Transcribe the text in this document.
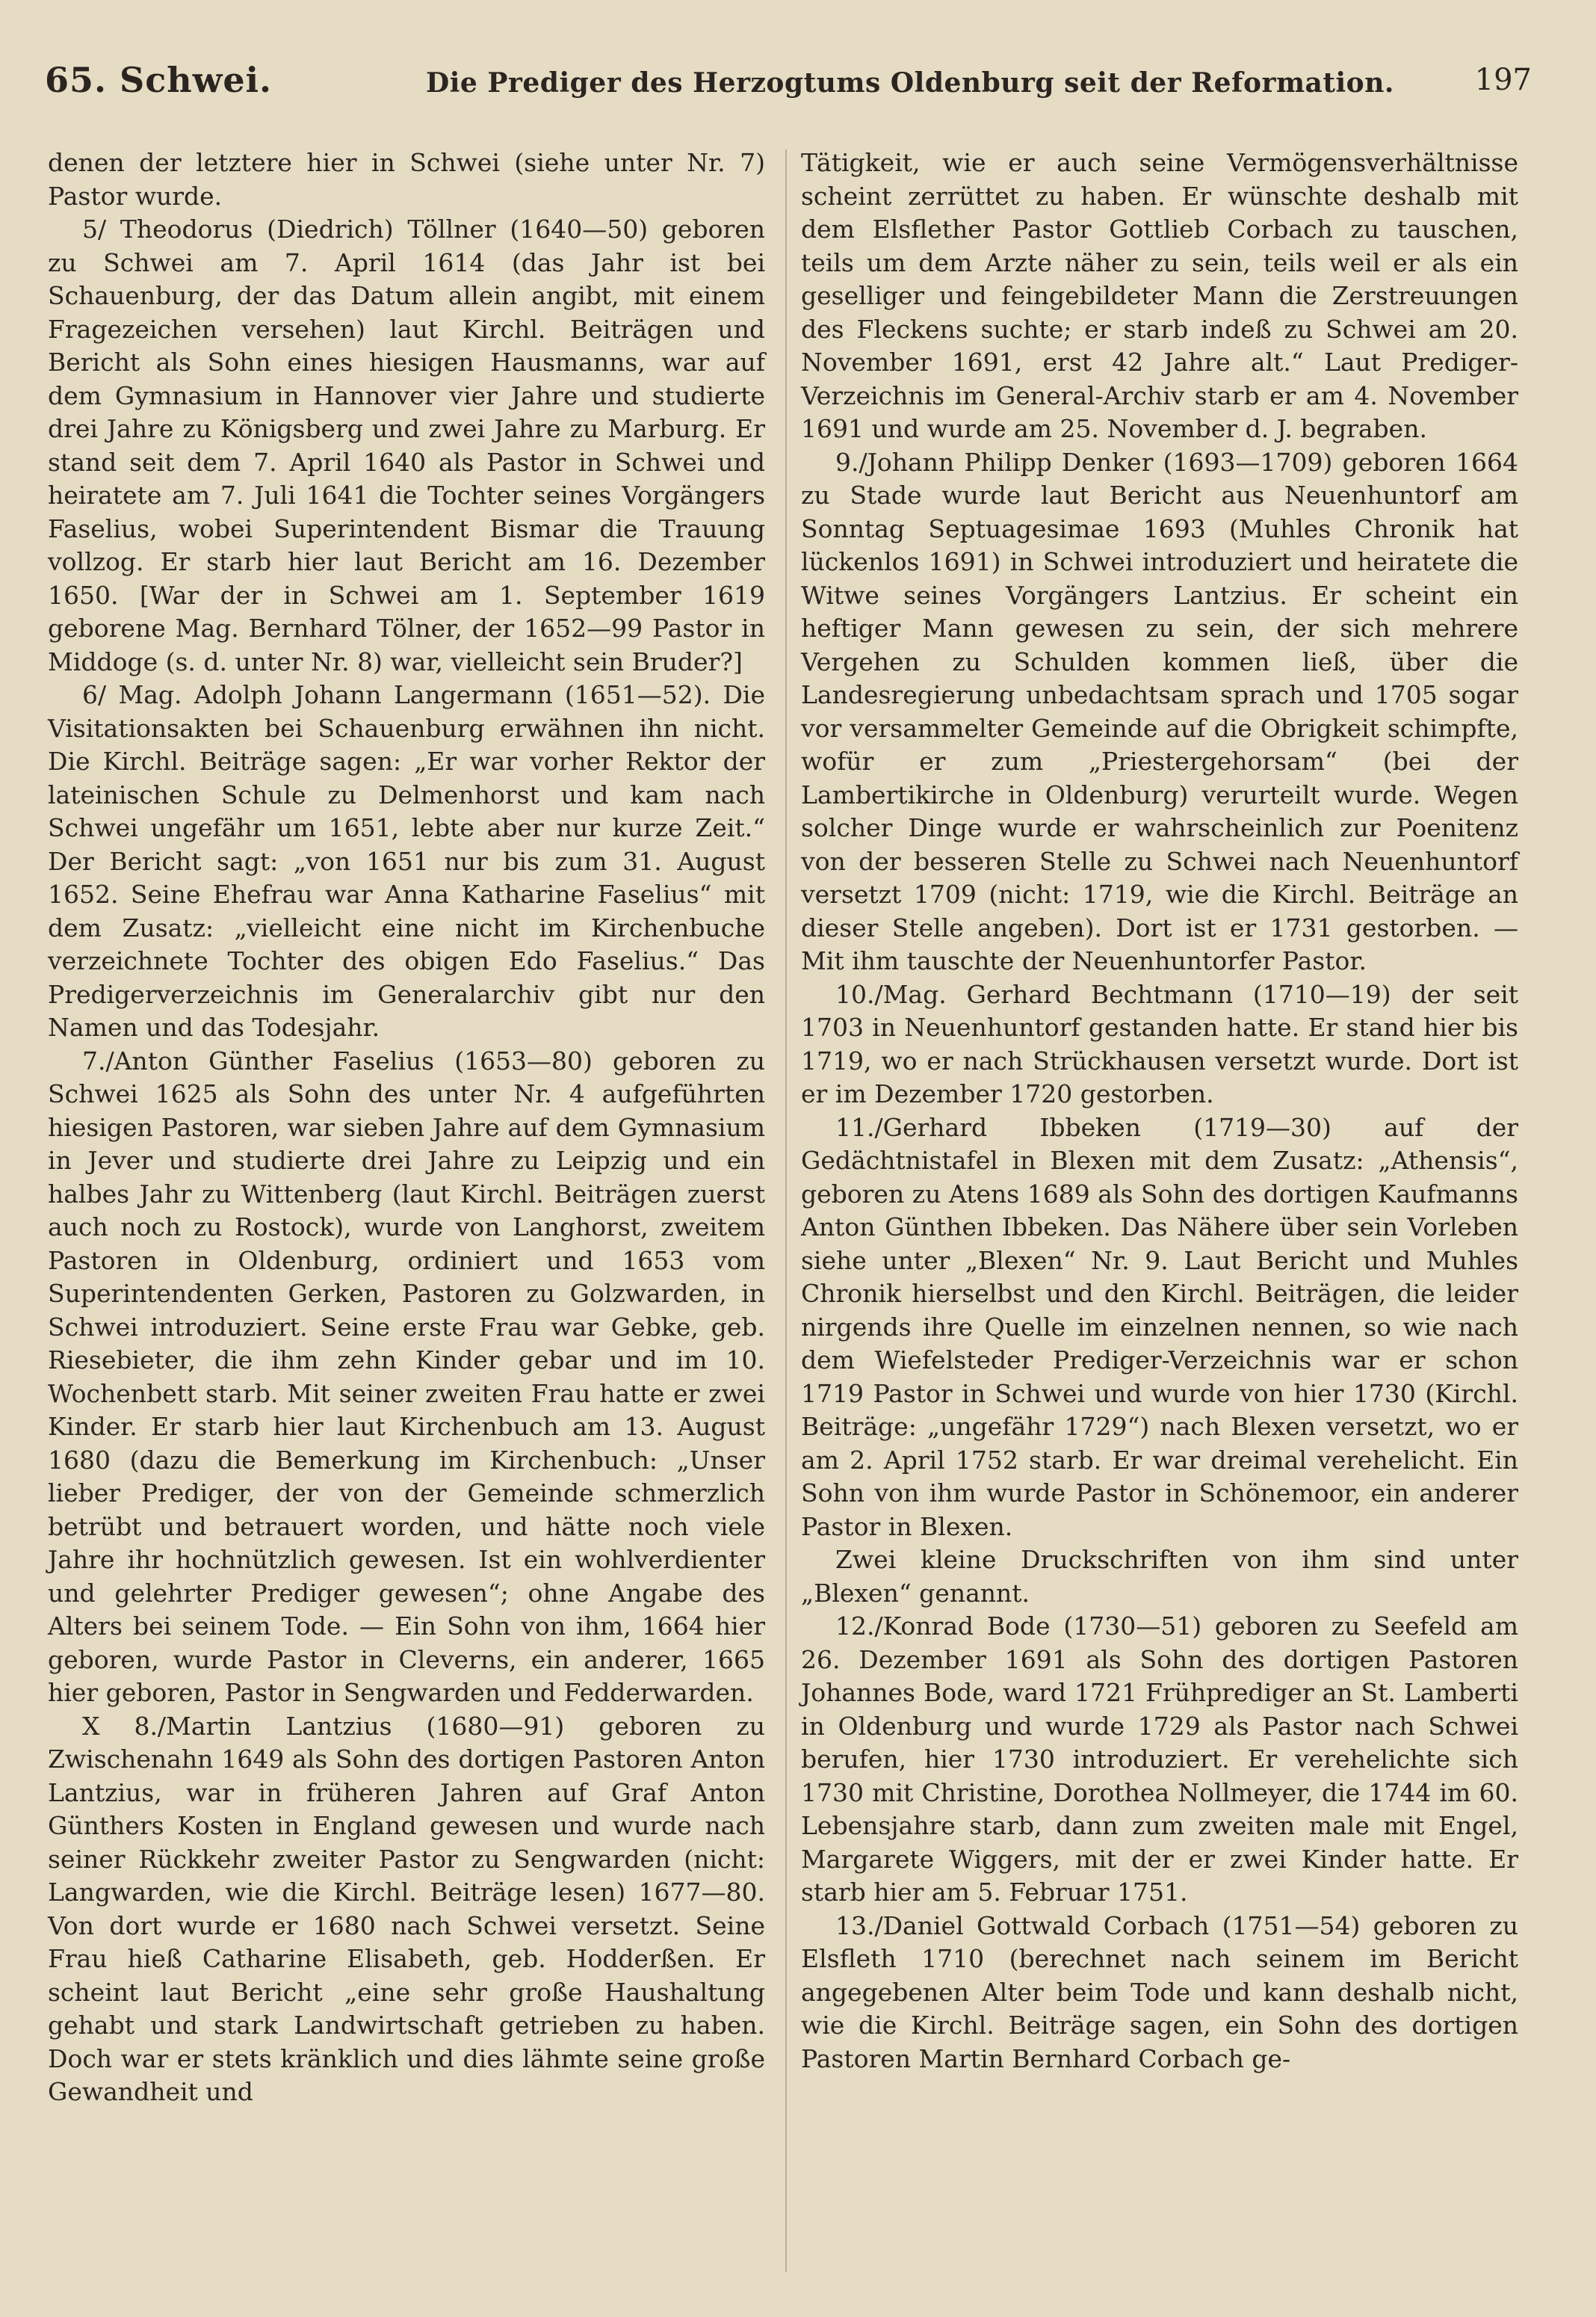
65. Schwei.	Die Prediger des Herzogtums Oldenburg seit der Reformation.	197

denen der letztere hier in Schwei (siehe unter Nr. 7) Pastor wurde.

5/ Theodorus (Diedrich) Töllner (1640—50) geboren zu Schwei am 7. April 1614 (das Jahr ist bei Schauenburg, der das Datum allein angibt, mit einem Fragezeichen versehen) laut Kirchl. Beiträgen und Bericht als Sohn eines hiesigen Hausmanns, war auf dem Gymnasium in Hannover vier Jahre und studierte drei Jahre zu Königsberg und zwei Jahre zu Marburg. Er stand seit dem 7. April 1640 als Pastor in Schwei und heiratete am 7. Juli 1641 die Tochter seines Vorgängers Faselius, wobei Superintendent Bismar die Trauung vollzog. Er starb hier laut Bericht am 16. Dezember 1650. [War der in Schwei am 1. September 1619 geborene Mag. Bernhard Tölner, der 1652—99 Pastor in Middoge (s. d. unter Nr. 8) war, vielleicht sein Bruder?]

6/ Mag. Adolph Johann Langermann (1651—52). Die Visitationsakten bei Schauenburg erwähnen ihn nicht. Die Kirchl. Beiträge sagen: „Er war vorher Rektor der lateinischen Schule zu Delmenhorst und kam nach Schwei ungefähr um 1651, lebte aber nur kurze Zeit.“ Der Bericht sagt: „von 1651 nur bis zum 31. August 1652. Seine Ehefrau war Anna Katharine Faselius“ mit dem Zusatz: „vielleicht eine nicht im Kirchenbuche verzeichnete Tochter des obigen Edo Faselius.“ Das Predigerverzeichnis im Generalarchiv gibt nur den Namen und das Todesjahr.

7./Anton Günther Faselius (1653—80) geboren zu Schwei 1625 als Sohn des unter Nr. 4 aufgeführten hiesigen Pastoren, war sieben Jahre auf dem Gymnasium in Jever und studierte drei Jahre zu Leipzig und ein halbes Jahr zu Wittenberg (laut Kirchl. Beiträgen zuerst auch noch zu Rostock), wurde von Langhorst, zweitem Pastoren in Oldenburg, ordiniert und 1653 vom Superintendenten Gerken, Pastoren zu Golzwarden, in Schwei introduziert. Seine erste Frau war Gebke, geb. Riesebieter, die ihm zehn Kinder gebar und im 10. Wochenbett starb. Mit seiner zweiten Frau hatte er zwei Kinder. Er starb hier laut Kirchenbuch am 13. August 1680 (dazu die Bemerkung im Kirchenbuch: „Unser lieber Prediger, der von der Gemeinde schmerzlich betrübt und betrauert worden, und hätte noch viele Jahre ihr hochnützlich gewesen. Ist ein wohlverdienter und gelehrter Prediger gewesen“; ohne Angabe des Alters bei seinem Tode. — Ein Sohn von ihm, 1664 hier geboren, wurde Pastor in Cleverns, ein anderer, 1665 hier geboren, Pastor in Sengwarden und Fedderwarden.

X 8./Martin Lantzius (1680—91) geboren zu Zwischenahn 1649 als Sohn des dortigen Pastoren Anton Lantzius, war in früheren Jahren auf Graf Anton Günthers Kosten in England gewesen und wurde nach seiner Rückkehr zweiter Pastor zu Sengwarden (nicht: Langwarden, wie die Kirchl. Beiträge lesen) 1677—80. Von dort wurde er 1680 nach Schwei versetzt. Seine Frau hieß Catharine Elisabeth, geb. Hodderßen. Er scheint laut Bericht „eine sehr große Haushaltung gehabt und stark Landwirtschaft getrieben zu haben. Doch war er stets kränklich und dies lähmte seine große Gewandheit und

Tätigkeit, wie er auch seine Vermögensverhältnisse scheint zerrüttet zu haben. Er wünschte deshalb mit dem Elsflether Pastor Gottlieb Corbach zu tauschen, teils um dem Arzte näher zu sein, teils weil er als ein geselliger und feingebildeter Mann die Zerstreuungen des Fleckens suchte; er starb indeß zu Schwei am 20. November 1691, erst 42 Jahre alt.“ Laut Prediger-Verzeichnis im General-Archiv starb er am 4. November 1691 und wurde am 25. November d. J. begraben.

9./Johann Philipp Denker (1693—1709) geboren 1664 zu Stade wurde laut Bericht aus Neuenhuntorf am Sonntag Septuagesimae 1693 (Muhles Chronik hat lückenlos 1691) in Schwei introduziert und heiratete die Witwe seines Vorgängers Lantzius. Er scheint ein heftiger Mann gewesen zu sein, der sich mehrere Vergehen zu Schulden kommen ließ, über die Landesregierung unbedachtsam sprach und 1705 sogar vor versammelter Gemeinde auf die Obrigkeit schimpfte, wofür er zum „Priestergehorsam“ (bei der Lambertikirche in Oldenburg) verurteilt wurde. Wegen solcher Dinge wurde er wahrscheinlich zur Poenitenz von der besseren Stelle zu Schwei nach Neuenhuntorf versetzt 1709 (nicht: 1719, wie die Kirchl. Beiträge an dieser Stelle angeben). Dort ist er 1731 gestorben. — Mit ihm tauschte der Neuenhuntorfer Pastor.

10./Mag. Gerhard Bechtmann (1710—19) der seit 1703 in Neuenhuntorf gestanden hatte. Er stand hier bis 1719, wo er nach Strückhausen versetzt wurde. Dort ist er im Dezember 1720 gestorben.

11./Gerhard Ibbeken (1719—30) auf der Gedächtnistafel in Blexen mit dem Zusatz: „Athensis“, geboren zu Atens 1689 als Sohn des dortigen Kaufmanns Anton Günthen Ibbeken. Das Nähere über sein Vorleben siehe unter „Blexen“ Nr. 9. Laut Bericht und Muhles Chronik hierselbst und den Kirchl. Beiträgen, die leider nirgends ihre Quelle im einzelnen nennen, so wie nach dem Wiefelsteder Prediger-Verzeichnis war er schon 1719 Pastor in Schwei und wurde von hier 1730 (Kirchl. Beiträge: „ungefähr 1729“) nach Blexen versetzt, wo er am 2. April 1752 starb. Er war dreimal verehelicht. Ein Sohn von ihm wurde Pastor in Schönemoor, ein anderer Pastor in Blexen.

Zwei kleine Druckschriften von ihm sind unter „Blexen“ genannt.

12./Konrad Bode (1730—51) geboren zu Seefeld am 26. Dezember 1691 als Sohn des dortigen Pastoren Johannes Bode, ward 1721 Frühprediger an St. Lamberti in Oldenburg und wurde 1729 als Pastor nach Schwei berufen, hier 1730 introduziert. Er verehelichte sich 1730 mit Christine, Dorothea Nollmeyer, die 1744 im 60. Lebensjahre starb, dann zum zweiten male mit Engel, Margarete Wiggers, mit der er zwei Kinder hatte. Er starb hier am 5. Februar 1751.

13./Daniel Gottwald Corbach (1751—54) geboren zu Elsfleth 1710 (berechnet nach seinem im Bericht angegebenen Alter beim Tode und kann deshalb nicht, wie die Kirchl. Beiträge sagen, ein Sohn des dortigen Pastoren Martin Bernhard Corbach ge-
